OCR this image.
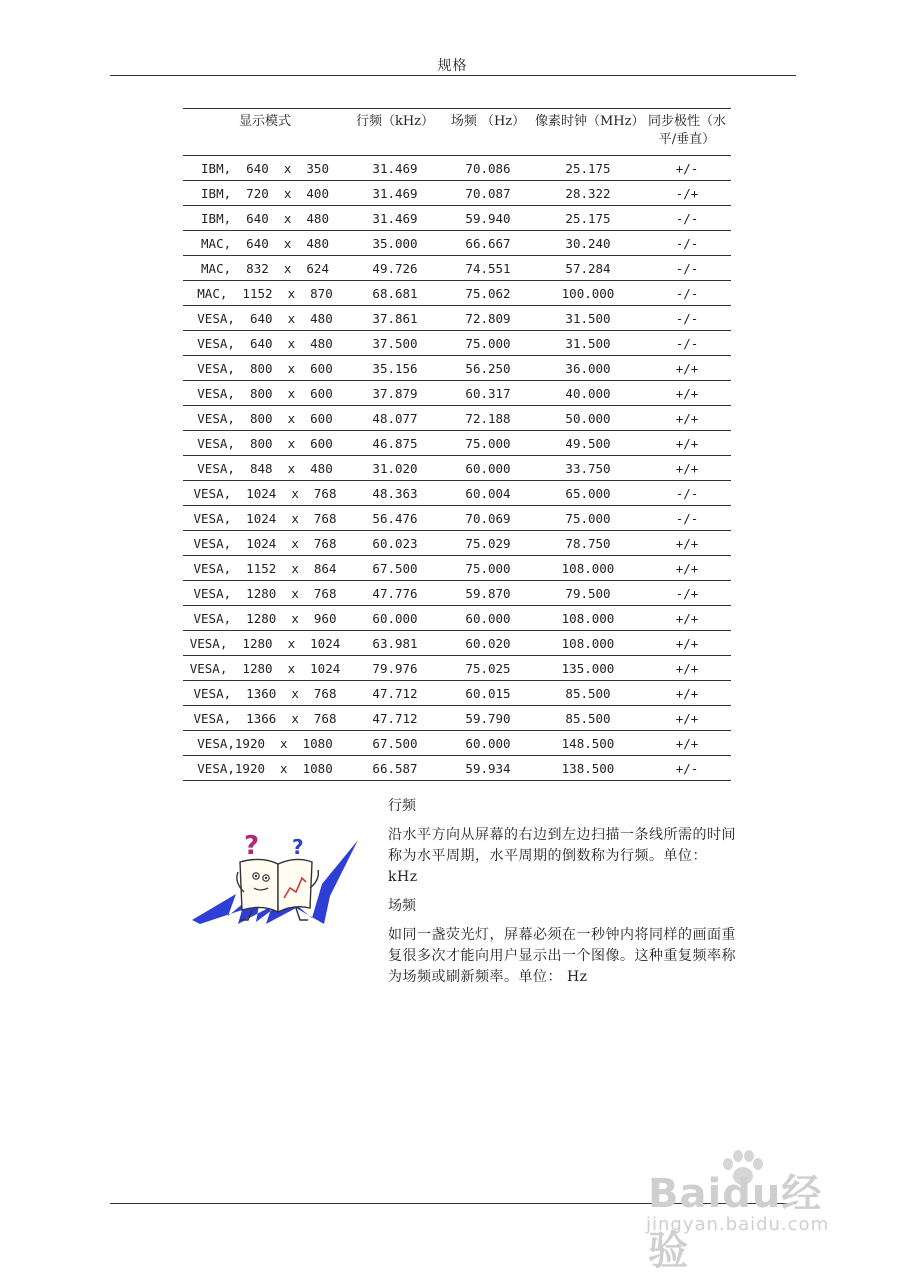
规格
显示模式	行频（kHz）	场频 （Hz）	像素时钟（MHz）	同步极性（水平/垂直）
IBM,  640  x  350	31.469	70.086	25.175	+/-
IBM,  720  x  400	31.469	70.087	28.322	-/+
IBM,  640  x  480	31.469	59.940	25.175	-/-
MAC,  640  x  480	35.000	66.667	30.240	-/-
MAC,  832  x  624	49.726	74.551	57.284	-/-
MAC,  1152  x  870	68.681	75.062	100.000	-/-
VESA,  640  x  480	37.861	72.809	31.500	-/-
VESA,  640  x  480	37.500	75.000	31.500	-/-
VESA,  800  x  600	35.156	56.250	36.000	+/+
VESA,  800  x  600	37.879	60.317	40.000	+/+
VESA,  800  x  600	48.077	72.188	50.000	+/+
VESA,  800  x  600	46.875	75.000	49.500	+/+
VESA,  848  x  480	31.020	60.000	33.750	+/+
VESA,  1024  x  768	48.363	60.004	65.000	-/-
VESA,  1024  x  768	56.476	70.069	75.000	-/-
VESA,  1024  x  768	60.023	75.029	78.750	+/+
VESA,  1152  x  864	67.500	75.000	108.000	+/+
VESA,  1280  x  768	47.776	59.870	79.500	-/+
VESA,  1280  x  960	60.000	60.000	108.000	+/+
VESA,  1280  x  1024	63.981	60.020	108.000	+/+
VESA,  1280  x  1024	79.976	75.025	135.000	+/+
VESA,  1360  x  768	47.712	60.015	85.500	+/+
VESA,  1366  x  768	47.712	59.790	85.500	+/+
VESA,1920  x  1080	67.500	60.000	148.500	+/+
VESA,1920  x  1080	66.587	59.934	138.500	+/-
? ?

行频

沿水平方向从屏幕的右边到左边扫描一条线所需的时间称为水平周期，水平周期的倒数称为行频。单位： kHz

场频

如同一盏荧光灯，屏幕必须在一秒钟内将同样的画面重复很多次才能向用户显示出一个图像。这种重复频率称为场频或刷新频率。单位： Hz

Baidu经验
jingyan.baidu.com
